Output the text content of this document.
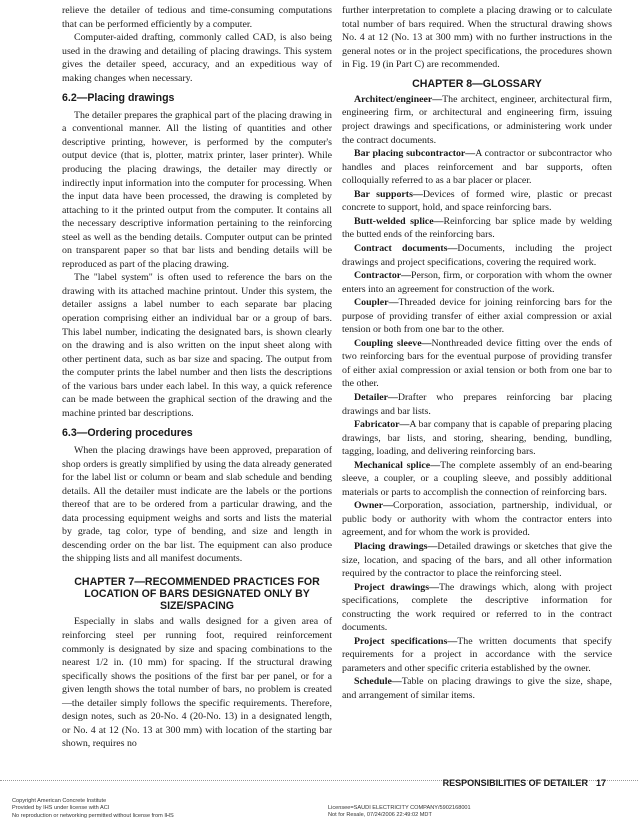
relieve the detailer of tedious and time-consuming computations that can be performed efficiently by a computer.

Computer-aided drafting, commonly called CAD, is also being used in the drawing and detailing of placing drawings. This system gives the detailer speed, accuracy, and an expeditious way of making changes when necessary.

6.2—Placing drawings

The detailer prepares the graphical part of the placing drawing in a conventional manner. All the listing of quantities and other descriptive printing, however, is performed by the computer's output device (that is, plotter, matrix printer, laser printer). While producing the placing drawings, the detailer may directly or indirectly input information into the computer for processing. When the input data have been processed, the drawing is completed by attaching to it the printed output from the computer. It contains all the necessary descriptive information pertaining to the reinforcing steel as well as the bending details. Computer output can be printed on transparent paper so that bar lists and bending details will be reproduced as part of the placing drawing.

The "label system" is often used to reference the bars on the drawing with its attached machine printout. Under this system, the detailer assigns a label number to each separate bar placing operation comprising either an individual bar or a group of bars. This label number, indicating the designated bars, is shown clearly on the drawing and is also written on the input sheet along with other pertinent data, such as bar size and spacing. The output from the computer prints the label number and then lists the descriptions of the various bars under each label. In this way, a quick reference can be made between the graphical section of the drawing and the machine printed bar descriptions.

6.3—Ordering procedures

When the placing drawings have been approved, preparation of shop orders is greatly simplified by using the data already generated for the label list or column or beam and slab schedule and bending details. All the detailer must indicate are the labels or the portions thereof that are to be ordered from a particular drawing, and the data processing equipment weighs and sorts and lists the material by grade, tag color, type of bending, and size and length in descending order on the bar list. The equipment can also produce the shipping lists and all manifest documents.

CHAPTER 7—RECOMMENDED PRACTICES FOR LOCATION OF BARS DESIGNATED ONLY BY SIZE/SPACING

Especially in slabs and walls designed for a given area of reinforcing steel per running foot, required reinforcement commonly is designated by size and spacing combinations to the nearest 1/2 in. (10 mm) for spacing. If the structural drawing specifically shows the positions of the first bar per panel, or for a given length shows the total number of bars, no problem is created—the detailer simply follows the specific requirements. Therefore, design notes, such as 20-No. 4 (20-No. 13) in a designated length, or No. 4 at 12 (No. 13 at 300 mm) with location of the starting bar shown, requires no

further interpretation to complete a placing drawing or to calculate total number of bars required. When the structural drawing shows No. 4 at 12 (No. 13 at 300 mm) with no further instructions in the general notes or in the project specifications, the procedures shown in Fig. 19 (in Part C) are recommended.

CHAPTER 8—GLOSSARY

Architect/engineer—The architect, engineer, architectural firm, engineering firm, or architectural and engineering firm, issuing project drawings and specifications, or administering work under the contract documents.

Bar placing subcontractor—A contractor or subcontractor who handles and places reinforcement and bar supports, often colloquially referred to as a bar placer or placer.

Bar supports—Devices of formed wire, plastic or precast concrete to support, hold, and space reinforcing bars.

Butt-welded splice—Reinforcing bar splice made by welding the butted ends of the reinforcing bars.

Contract documents—Documents, including the project drawings and project specifications, covering the required work.

Contractor—Person, firm, or corporation with whom the owner enters into an agreement for construction of the work.

Coupler—Threaded device for joining reinforcing bars for the purpose of providing transfer of either axial compression or axial tension or both from one bar to the other.

Coupling sleeve—Nonthreaded device fitting over the ends of two reinforcing bars for the eventual purpose of providing transfer of either axial compression or axial tension or both from one bar to the other.

Detailer—Drafter who prepares reinforcing bar placing drawings and bar lists.

Fabricator—A bar company that is capable of preparing placing drawings, bar lists, and storing, shearing, bending, bundling, tagging, loading, and delivering reinforcing bars.

Mechanical splice—The complete assembly of an end-bearing sleeve, a coupler, or a coupling sleeve, and possibly additional materials or parts to accomplish the connection of reinforcing bars.

Owner—Corporation, association, partnership, individual, or public body or authority with whom the contractor enters into agreement, and for whom the work is provided.

Placing drawings—Detailed drawings or sketches that give the size, location, and spacing of the bars, and all other information required by the contractor to place the reinforcing steel.

Project drawings—The drawings which, along with project specifications, complete the descriptive information for constructing the work required or referred to in the contract documents.

Project specifications—The written documents that specify requirements for a project in accordance with the service parameters and other specific criteria established by the owner.

Schedule—Table on placing drawings to give the size, shape, and arrangement of similar items.

RESPONSIBILITIES OF DETAILER 17
Copyright American Concrete Institute
Provided by IHS under license with ACI
No reproduction or networking permitted without license from IHS
Licensee=SAUDI ELECTRICITY COMPANY/5902168001
Not for Resale, 07/24/2006 22:49:02 MDT
